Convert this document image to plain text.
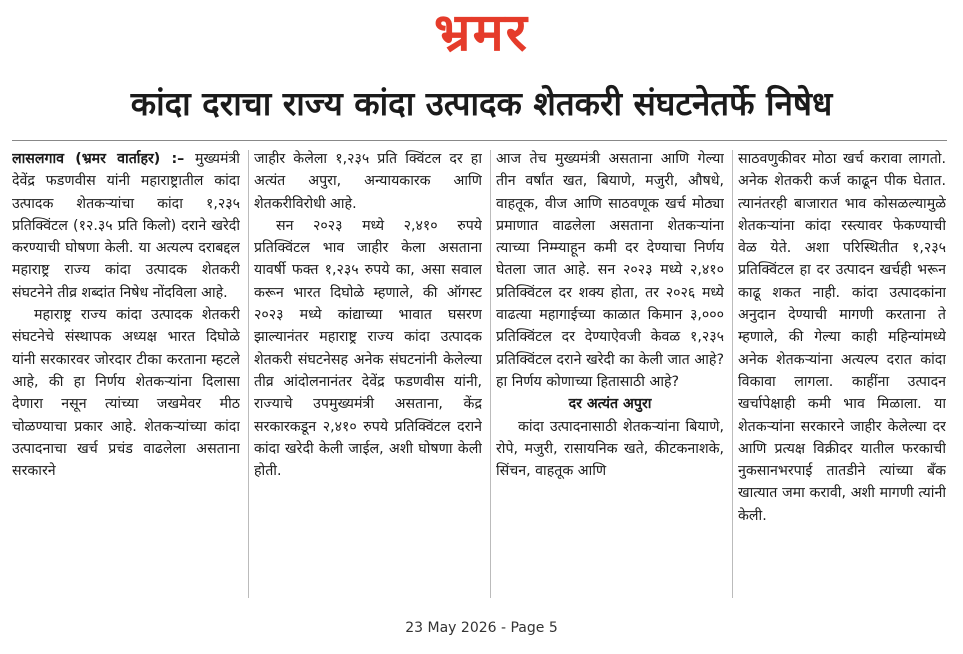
भ्रमर
कांदा दराचा राज्य कांदा उत्पादक शेतकरी संघटनेतर्फे निषेध

लासलगाव (भ्रमर वार्ताहर) :– मुख्यमंत्री देवेंद्र फडणवीस यांनी महाराष्ट्रातील कांदा उत्पादक शेतकऱ्यांचा कांदा १,२३५ प्रतिक्विंटल (१२.३५ प्रति किलो) दराने खरेदी करण्याची घोषणा केली. या अत्यल्प दराबद्दल महाराष्ट्र राज्य कांदा उत्पादक शेतकरी संघटनेने तीव्र शब्दांत निषेध नोंदविला आहे.

महाराष्ट्र राज्य कांदा उत्पादक शेतकरी संघटनेचे संस्थापक अध्यक्ष भारत दिघोळे यांनी सरकारवर जोरदार टीका करताना म्हटले आहे, की हा निर्णय शेतकऱ्यांना दिलासा देणारा नसून त्यांच्या जखमेवर मीठ चोळण्याचा प्रकार आहे. शेतकऱ्यांच्या कांदा उत्पादनाचा खर्च प्रचंड वाढलेला असताना सरकारने

जाहीर केलेला १,२३५ प्रति क्विंटल दर हा अत्यंत अपुरा, अन्यायकारक आणि शेतकरीविरोधी आहे.

सन २०२३ मध्ये २,४१० रुपये प्रतिक्विंटल भाव जाहीर केला असताना यावर्षी फक्त १,२३५ रुपये का, असा सवाल करून भारत दिघोळे म्हणाले, की ऑगस्ट २०२३ मध्ये कांद्याच्या भावात घसरण झाल्यानंतर महाराष्ट्र राज्य कांदा उत्पादक शेतकरी संघटनेसह अनेक संघटनांनी केलेल्या तीव्र आंदोलनानंतर देवेंद्र फडणवीस यांनी, राज्याचे उपमुख्यमंत्री असताना, केंद्र सरकारकडून २,४१० रुपये प्रतिक्विंटल दराने कांदा खरेदी केली जाईल, अशी घोषणा केली होती.

आज तेच मुख्यमंत्री असताना आणि गेल्या तीन वर्षांत खत, बियाणे, मजुरी, औषधे, वाहतूक, वीज आणि साठवणूक खर्च मोठ्या प्रमाणात वाढलेला असताना शेतकऱ्यांना त्याच्या निम्म्याहून कमी दर देण्याचा निर्णय घेतला जात आहे. सन २०२३ मध्ये २,४१० प्रतिक्विंटल दर शक्य होता, तर २०२६ मध्ये वाढत्या महागाईच्या काळात किमान ३,००० प्रतिक्विंटल दर देण्याऐवजी केवळ १,२३५ प्रतिक्विंटल दराने खरेदी का केली जात आहे? हा निर्णय कोणाच्या हितासाठी आहे?

दर अत्यंत अपुरा

कांदा उत्पादनासाठी शेतकऱ्यांना बियाणे, रोपे, मजुरी, रासायनिक खते, कीटकनाशके, सिंचन, वाहतूक आणि

साठवणुकीवर मोठा खर्च करावा लागतो. अनेक शेतकरी कर्ज काढून पीक घेतात. त्यानंतरही बाजारात भाव कोसळल्यामुळे शेतकऱ्यांना कांदा रस्त्यावर फेकण्याची वेळ येते. अशा परिस्थितीत १,२३५ प्रतिक्विंटल हा दर उत्पादन खर्चही भरून काढू शकत नाही. कांदा उत्पादकांना अनुदान देण्याची मागणी करताना ते म्हणाले, की गेल्या काही महिन्यांमध्ये अनेक शेतकऱ्यांना अत्यल्प दरात कांदा विकावा लागला. काहींना उत्पादन खर्चापेक्षाही कमी भाव मिळाला. या शेतकऱ्यांना सरकारने जाहीर केलेल्या दर आणि प्रत्यक्ष विक्रीदर यातील फरकाची नुकसानभरपाई तातडीने त्यांच्या बँक खात्यात जमा करावी, अशी मागणी त्यांनी केली.

23 May 2026 - Page 5
